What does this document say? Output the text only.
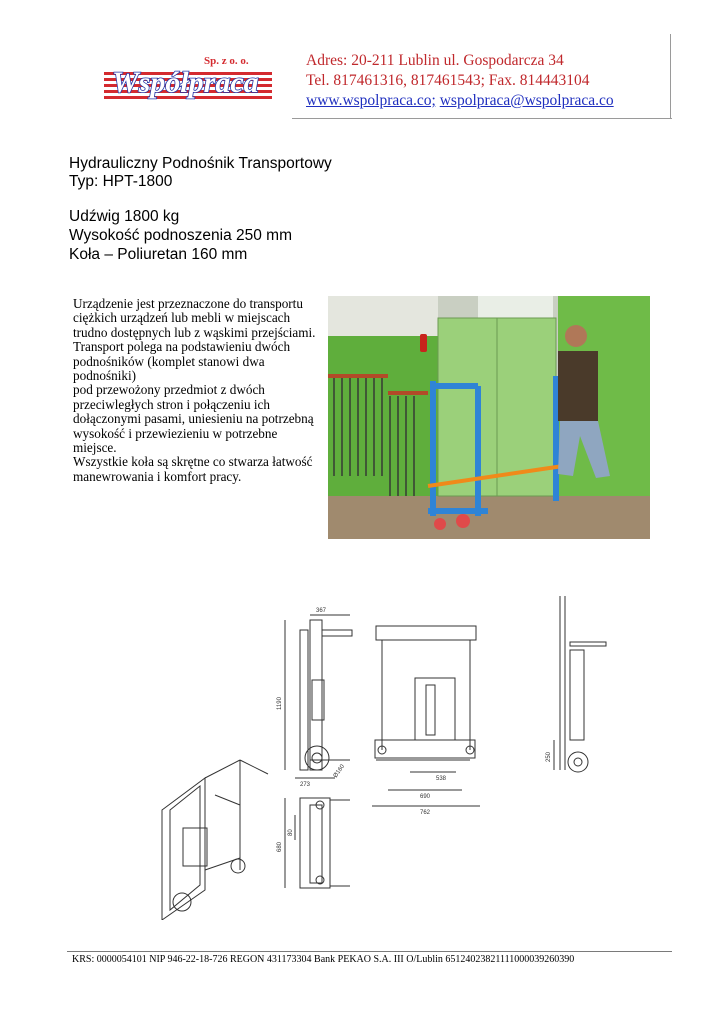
Sp. z o. o.
Współpraca
Adres: 20-211 Lublin ul. Gospodarcza 34
Tel. 817461316, 817461543; Fax. 814443104
www.wspolpraca.co; wspolpraca@wspolpraca.co
Hydrauliczny Podnośnik Transportowy
Typ: HPT-1800
Udźwig 1800 kg
Wysokość podnoszenia 250 mm
Koła – Poliuretan 160 mm

Urządzenie jest przeznaczone do transportu ciężkich urządzeń lub mebli w miejscach

trudno dostępnych lub z wąskimi przejściami.

Transport polega na podstawieniu dwóch podnośników (komplet stanowi dwa podnośniki)

pod przewożony przedmiot z dwóch przeciwległych stron i połączeniu ich dołączonymi pasami, uniesieniu na potrzebną wysokość i przewiezieniu w potrzebne miejsce.

Wszystkie koła są skrętne co stwarza łatwość manewrowania i komfort pracy.

367
1190
273
Ø160	538
690
762
250
680
80
KRS: 0000054101 NIP 946-22-18-726 REGON 431173304 Bank PEKAO S.A. III O/Lublin 65124023821111000039260390
